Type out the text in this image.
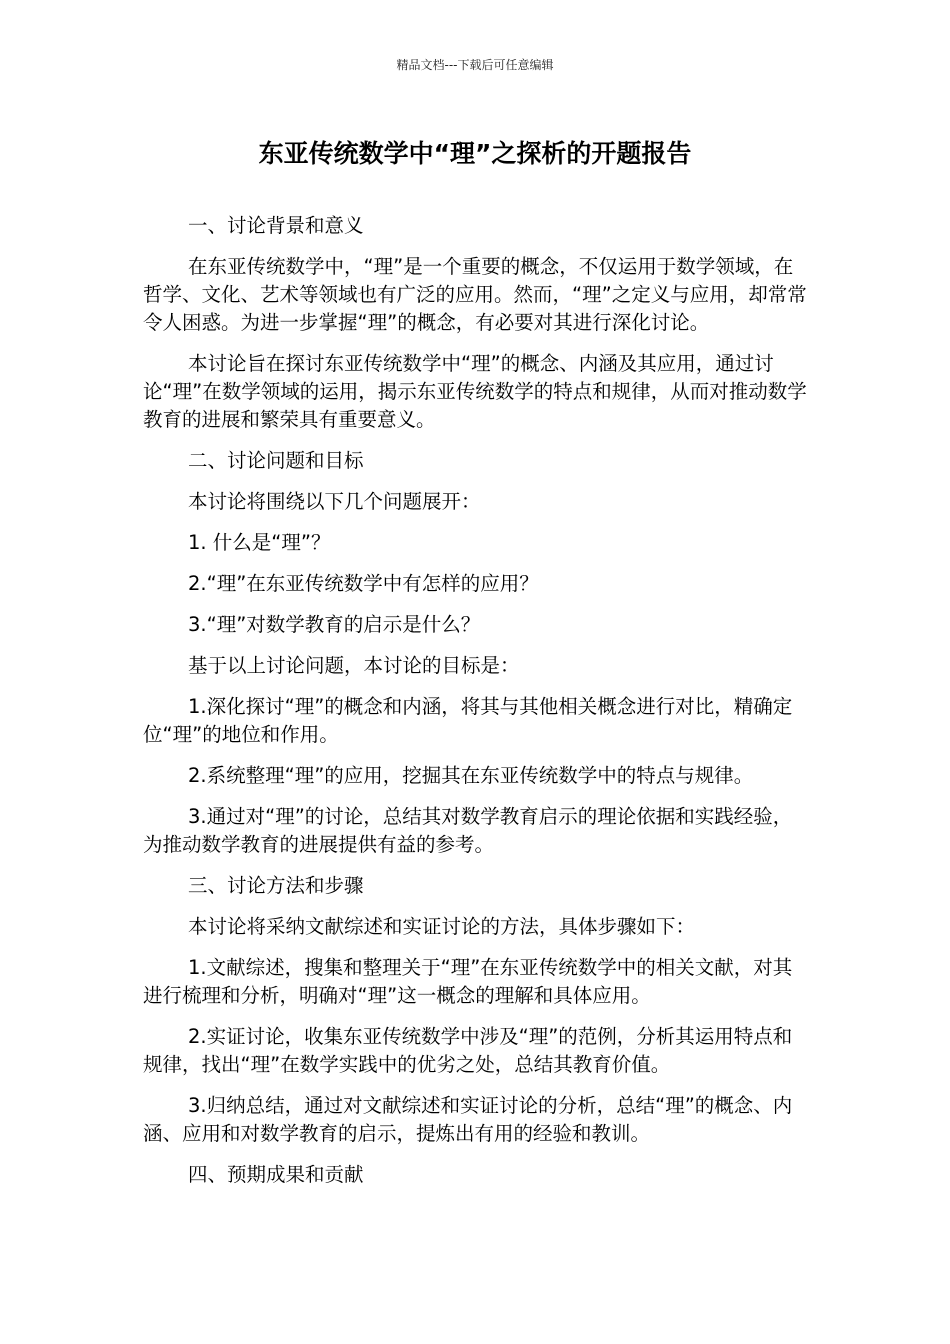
精品文档---下载后可任意编辑
东亚传统数学中“理”之探析的开题报告

一、讨论背景和意义

在东亚传统数学中，“理”是一个重要的概念，不仅运用于数学领域，在哲学、文化、艺术等领域也有广泛的应用。然而，“理”之定义与应用，却常常令人困惑。为进一步掌握“理”的概念，有必要对其进行深化讨论。

本讨论旨在探讨东亚传统数学中“理”的概念、内涵及其应用，通过讨论“理”在数学领域的运用，揭示东亚传统数学的特点和规律，从而对推动数学教育的进展和繁荣具有重要意义。

二、讨论问题和目标

本讨论将围绕以下几个问题展开：

1. 什么是“理”？

2.“理”在东亚传统数学中有怎样的应用？

3.“理”对数学教育的启示是什么？

基于以上讨论问题，本讨论的目标是：

1.深化探讨“理”的概念和内涵，将其与其他相关概念进行对比，精确定位“理”的地位和作用。

2.系统整理“理”的应用，挖掘其在东亚传统数学中的特点与规律。

3.通过对“理”的讨论，总结其对数学教育启示的理论依据和实践经验，为推动数学教育的进展提供有益的参考。

三、讨论方法和步骤

本讨论将采纳文献综述和实证讨论的方法，具体步骤如下：

1.文献综述，搜集和整理关于“理”在东亚传统数学中的相关文献，对其进行梳理和分析，明确对“理”这一概念的理解和具体应用。

2.实证讨论，收集东亚传统数学中涉及“理”的范例，分析其运用特点和规律，找出“理”在数学实践中的优劣之处，总结其教育价值。

3.归纳总结，通过对文献综述和实证讨论的分析，总结“理”的概念、内涵、应用和对数学教育的启示，提炼出有用的经验和教训。

四、预期成果和贡献
